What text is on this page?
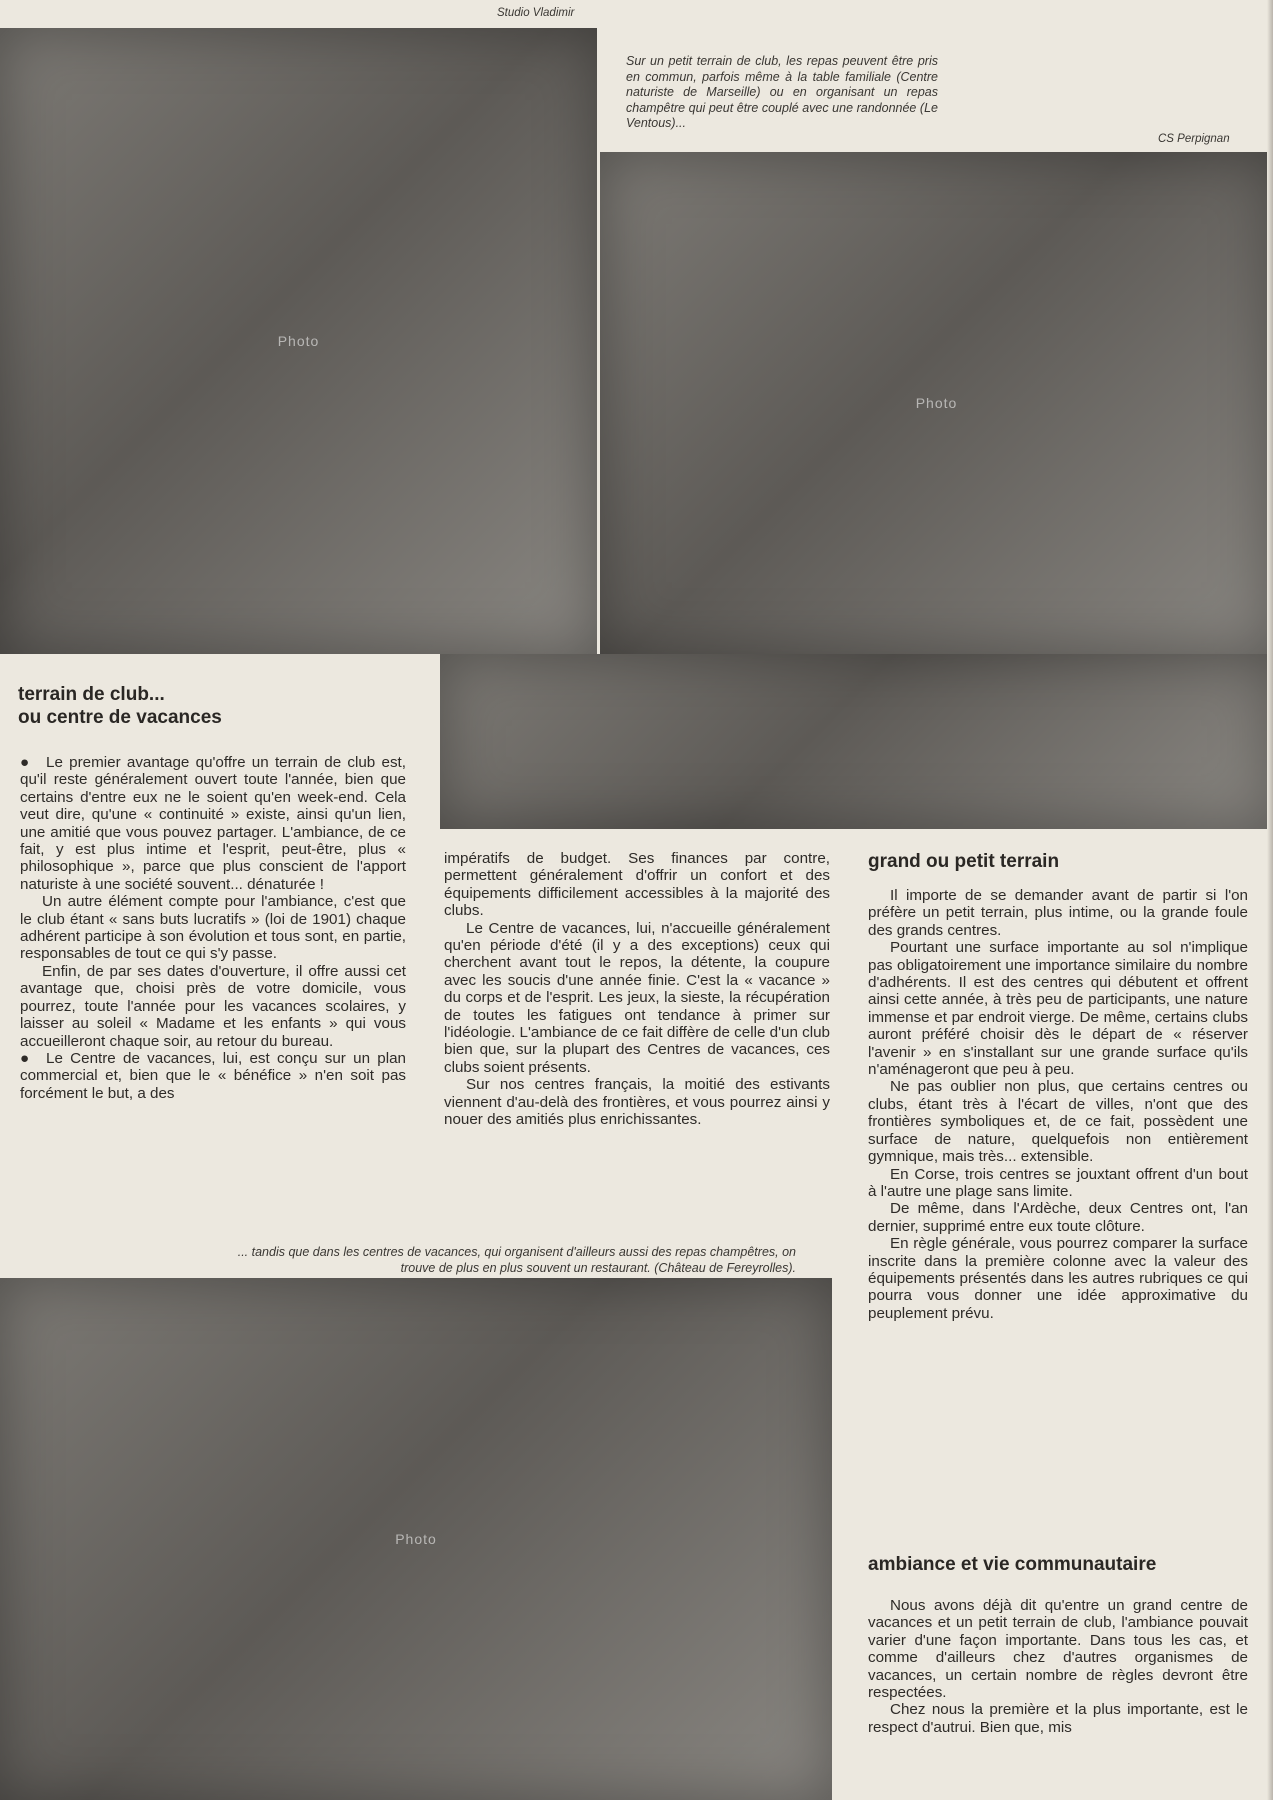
Studio Vladimir
CS Perpignan
Photo
Photo
Photo
Sur un petit terrain de club, les repas peuvent être pris en commun, parfois même à la table familiale (Centre naturiste de Marseille) ou en organisant un repas champêtre qui peut être couplé avec une randonnée (Le Ventous)...
... tandis que dans les centres de vacances, qui organisent d'ailleurs aussi des repas champêtres, on trouve de plus en plus souvent un restaurant. (Château de Fereyrolles).
terrain de club...
ou centre de vacances

● Le premier avantage qu'offre un terrain de club est, qu'il reste généralement ouvert toute l'année, bien que certains d'entre eux ne le soient qu'en week-end. Cela veut dire, qu'une « continuité » existe, ainsi qu'un lien, une amitié que vous pouvez partager. L'ambiance, de ce fait, y est plus intime et l'esprit, peut-être, plus « philosophique », parce que plus conscient de l'apport naturiste à une société souvent... dénaturée !

Un autre élément compte pour l'ambiance, c'est que le club étant « sans buts lucratifs » (loi de 1901) chaque adhérent participe à son évolution et tous sont, en partie, responsables de tout ce qui s'y passe.

Enfin, de par ses dates d'ouverture, il offre aussi cet avantage que, choisi près de votre domicile, vous pourrez, toute l'année pour les vacances scolaires, y laisser au soleil « Madame et les enfants » qui vous accueilleront chaque soir, au retour du bureau.

● Le Centre de vacances, lui, est conçu sur un plan commercial et, bien que le « bénéfice » n'en soit pas forcément le but, a des

impératifs de budget. Ses finances par contre, permettent généralement d'offrir un confort et des équipements difficilement accessibles à la majorité des clubs.

Le Centre de vacances, lui, n'accueille généralement qu'en période d'été (il y a des exceptions) ceux qui cherchent avant tout le repos, la détente, la coupure avec les soucis d'une année finie. C'est la « vacance » du corps et de l'esprit. Les jeux, la sieste, la récupération de toutes les fatigues ont tendance à primer sur l'idéologie. L'ambiance de ce fait diffère de celle d'un club bien que, sur la plupart des Centres de vacances, ces clubs soient présents.

Sur nos centres français, la moitié des estivants viennent d'au-delà des frontières, et vous pourrez ainsi y nouer des amitiés plus enrichissantes.

grand ou petit terrain

Il importe de se demander avant de partir si l'on préfère un petit terrain, plus intime, ou la grande foule des grands centres.

Pourtant une surface importante au sol n'implique pas obligatoirement une importance similaire du nombre d'adhérents. Il est des centres qui débutent et offrent ainsi cette année, à très peu de participants, une nature immense et par endroit vierge. De même, certains clubs auront préféré choisir dès le départ de « réserver l'avenir » en s'installant sur une grande surface qu'ils n'aménageront que peu à peu.

Ne pas oublier non plus, que certains centres ou clubs, étant très à l'écart de villes, n'ont que des frontières symboliques et, de ce fait, possèdent une surface de nature, quelquefois non entièrement gymnique, mais très... extensible.

En Corse, trois centres se jouxtant offrent d'un bout à l'autre une plage sans limite.

De même, dans l'Ardèche, deux Centres ont, l'an dernier, supprimé entre eux toute clôture.

En règle générale, vous pourrez comparer la surface inscrite dans la première colonne avec la valeur des équipements présentés dans les autres rubriques ce qui pourra vous donner une idée approximative du peuplement prévu.

ambiance et vie communautaire

Nous avons déjà dit qu'entre un grand centre de vacances et un petit terrain de club, l'ambiance pouvait varier d'une façon importante. Dans tous les cas, et comme d'ailleurs chez d'autres organismes de vacances, un certain nombre de règles devront être respectées.

Chez nous la première et la plus importante, est le respect d'autrui. Bien que, mis
